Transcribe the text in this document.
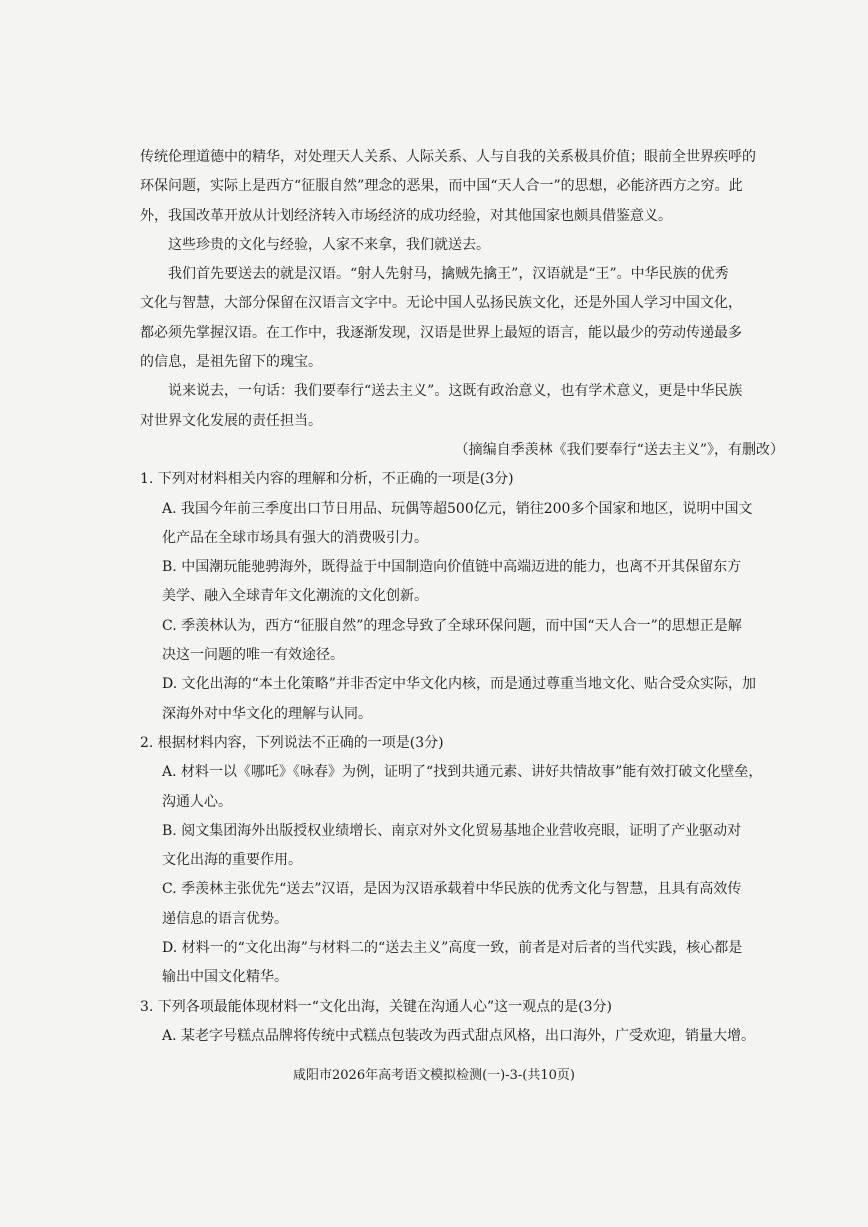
传统伦理道德中的精华，对处理天人关系、人际关系、人与自我的关系极具价值；眼前全世界疾呼的
环保问题，实际上是西方“征服自然”理念的恶果，而中国“天人合一”的思想，必能济西方之穷。此
外，我国改革开放从计划经济转入市场经济的成功经验，对其他国家也颇具借鉴意义。
这些珍贵的文化与经验，人家不来拿，我们就送去。
我们首先要送去的就是汉语。“射人先射马，擒贼先擒王”，汉语就是“王”。中华民族的优秀
文化与智慧，大部分保留在汉语言文字中。无论中国人弘扬民族文化，还是外国人学习中国文化，
都必须先掌握汉语。在工作中，我逐渐发现，汉语是世界上最短的语言，能以最少的劳动传递最多
的信息，是祖先留下的瑰宝。
说来说去，一句话：我们要奉行“送去主义”。这既有政治意义，也有学术意义，更是中华民族
对世界文化发展的责任担当。
（摘编自季羡林《我们要奉行“送去主义”》，有删改）
1. 下列对材料相关内容的理解和分析，不正确的一项是(3分)
A. 我国今年前三季度出口节日用品、玩偶等超500亿元，销往200多个国家和地区，说明中国文
化产品在全球市场具有强大的消费吸引力。
B. 中国潮玩能驰骋海外，既得益于中国制造向价值链中高端迈进的能力，也离不开其保留东方
美学、融入全球青年文化潮流的文化创新。
C. 季羡林认为，西方“征服自然”的理念导致了全球环保问题，而中国“天人合一”的思想正是解
决这一问题的唯一有效途径。
D. 文化出海的“本土化策略”并非否定中华文化内核，而是通过尊重当地文化、贴合受众实际，加
深海外对中华文化的理解与认同。
2. 根据材料内容，下列说法不正确的一项是(3分)
A. 材料一以《哪吒》《咏春》为例，证明了“找到共通元素、讲好共情故事”能有效打破文化壁垒，
沟通人心。
B. 阅文集团海外出版授权业绩增长、南京对外文化贸易基地企业营收亮眼，证明了产业驱动对
文化出海的重要作用。
C. 季羡林主张优先“送去”汉语，是因为汉语承载着中华民族的优秀文化与智慧，且具有高效传
递信息的语言优势。
D. 材料一的“文化出海”与材料二的“送去主义”高度一致，前者是对后者的当代实践，核心都是
输出中国文化精华。
3. 下列各项最能体现材料一“文化出海，关键在沟通人心”这一观点的是(3分)
A. 某老字号糕点品牌将传统中式糕点包装改为西式甜点风格，出口海外，广受欢迎，销量大增。
咸阳市2026年高考语文模拟检测(一)-3-(共10页)
